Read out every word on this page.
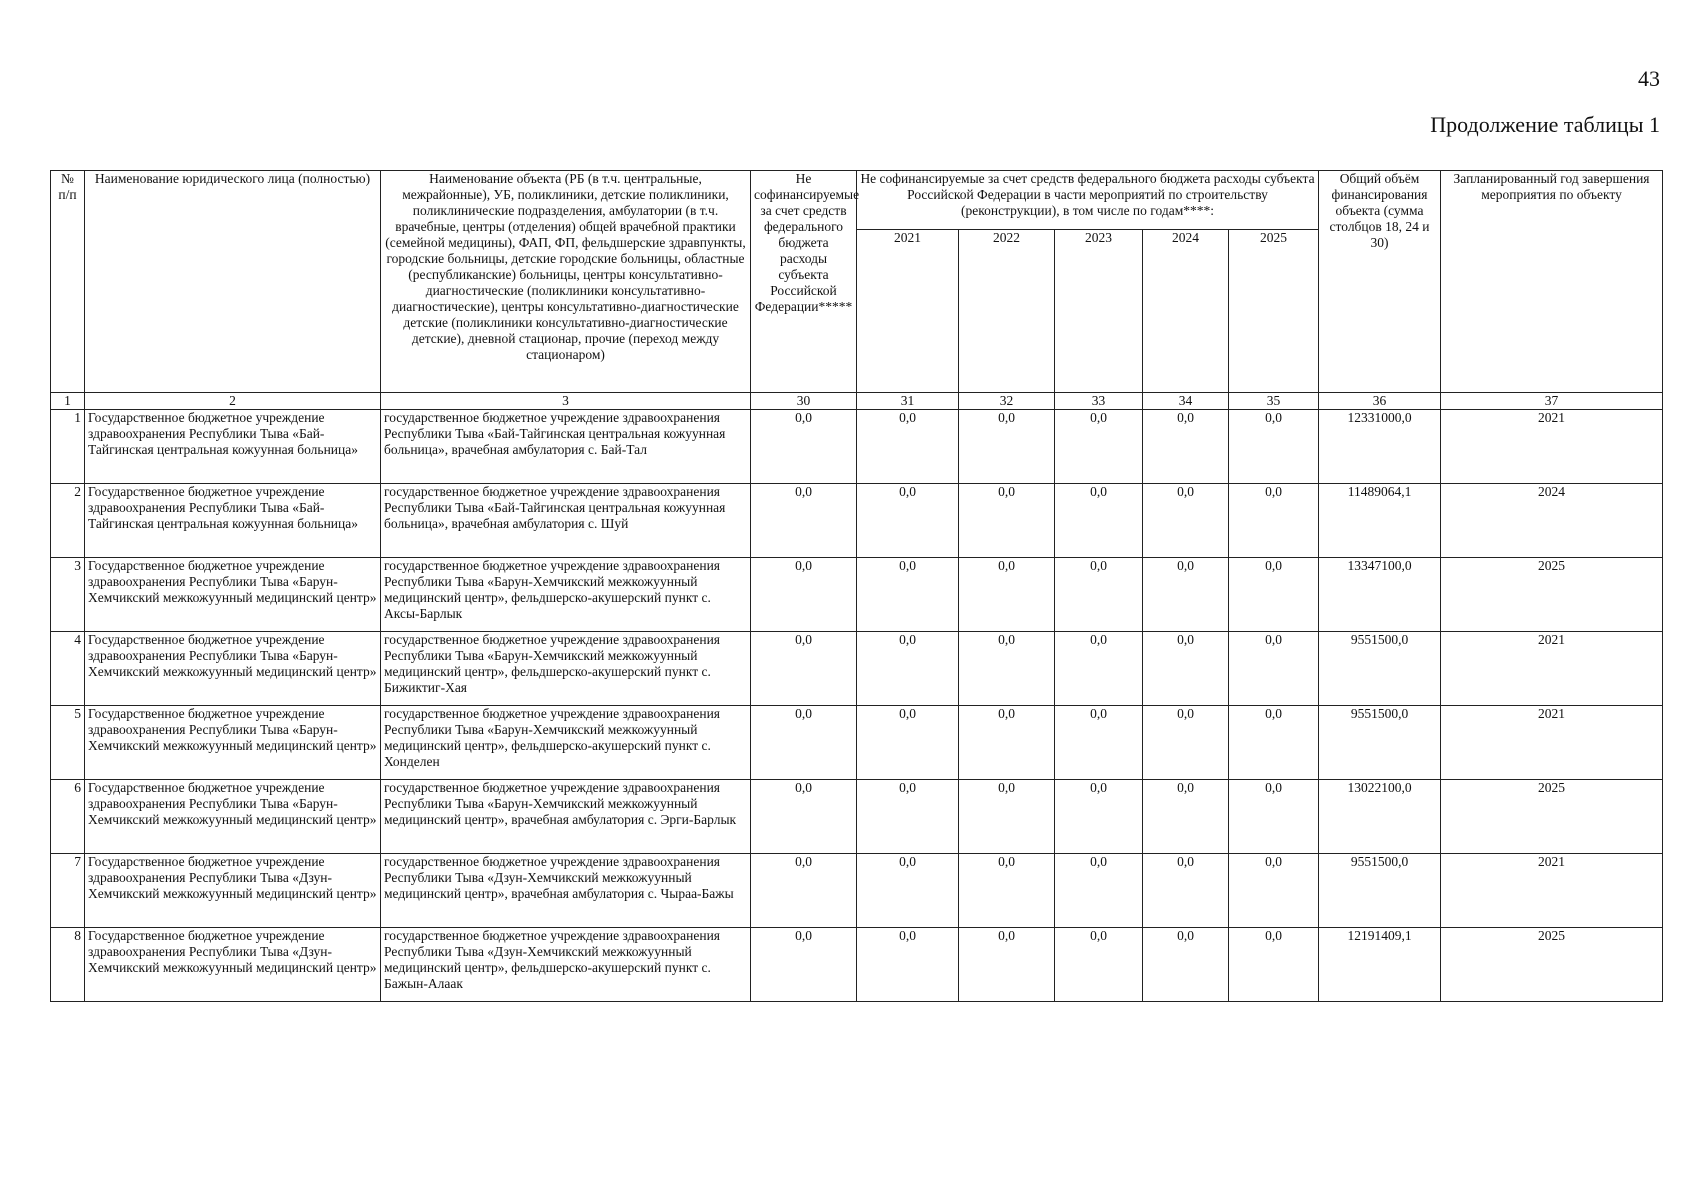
43
Продолжение таблицы 1
№ п/п	Наименование юридического лица (полностью)	Наименование объекта (РБ (в т.ч. центральные, межрайонные), УБ, поликлиники, детские поликлиники, поликлинические подразделения, амбулатории (в т.ч. врачебные, центры (отделения) общей врачебной практики (семейной медицины), ФАП, ФП, фельдшерские здравпункты, городские больницы, детские городские больницы, областные (республиканские) больницы, центры консультативно-диагностические (поликлиники консультативно-диагностические), центры консультативно-диагностические детские (поликлиники консультативно-диагностические детские), дневной стационар, прочие (переход между стационаром)	Не софинансируемые за счет средств федерального бюджета расходы субъекта Российской Федерации*****	Не софинансируемые за счет средств федерального бюджета расходы субъекта Российской Федерации в части мероприятий по строительству (реконструкции), в том числе по годам****:					Общий объём финансирования объекта (сумма столбцов 18, 24 и 30)	Запланированный год завершения мероприятия по объекту
				2021	2022	2023	2024	2025		
1	2	3	30	31	32	33	34	35	36	37
1	Государственное бюджетное учреждение здравоохранения Республики Тыва «Бай-Тайгинская центральная кожуунная больница»	государственное бюджетное учреждение здравоохранения Республики Тыва «Бай-Тайгинская центральная кожуунная больница», врачебная амбулатория с. Бай-Тал	0,0	0,0	0,0	0,0	0,0	0,0	12331000,0	2021
2	Государственное бюджетное учреждение здравоохранения Республики Тыва «Бай-Тайгинская центральная кожуунная больница»	государственное бюджетное учреждение здравоохранения Республики Тыва «Бай-Тайгинская центральная кожуунная больница», врачебная амбулатория с. Шуй	0,0	0,0	0,0	0,0	0,0	0,0	11489064,1	2024
3	Государственное бюджетное учреждение здравоохранения Республики Тыва «Барун-Хемчикский межкожуунный медицинский центр»	государственное бюджетное учреждение здравоохранения Республики Тыва «Барун-Хемчикский межкожуунный медицинский центр», фельдшерско-акушерский пункт с. Аксы-Барлык	0,0	0,0	0,0	0,0	0,0	0,0	13347100,0	2025
4	Государственное бюджетное учреждение здравоохранения Республики Тыва «Барун-Хемчикский межкожуунный медицинский центр»	государственное бюджетное учреждение здравоохранения Республики Тыва «Барун-Хемчикский межкожуунный медицинский центр», фельдшерско-акушерский пункт с. Бижиктиг-Хая	0,0	0,0	0,0	0,0	0,0	0,0	9551500,0	2021
5	Государственное бюджетное учреждение здравоохранения Республики Тыва «Барун-Хемчикский межкожуунный медицинский центр»	государственное бюджетное учреждение здравоохранения Республики Тыва «Барун-Хемчикский межкожуунный медицинский центр», фельдшерско-акушерский пункт с. Хонделен	0,0	0,0	0,0	0,0	0,0	0,0	9551500,0	2021
6	Государственное бюджетное учреждение здравоохранения Республики Тыва «Барун-Хемчикский межкожуунный медицинский центр»	государственное бюджетное учреждение здравоохранения Республики Тыва «Барун-Хемчикский межкожуунный медицинский центр», врачебная амбулатория с. Эрги-Барлык	0,0	0,0	0,0	0,0	0,0	0,0	13022100,0	2025
7	Государственное бюджетное учреждение здравоохранения Республики Тыва «Дзун-Хемчикский межкожуунный медицинский центр»	государственное бюджетное учреждение здравоохранения Республики Тыва «Дзун-Хемчикский межкожуунный медицинский центр», врачебная амбулатория с. Чыраа-Бажы	0,0	0,0	0,0	0,0	0,0	0,0	9551500,0	2021
8	Государственное бюджетное учреждение здравоохранения Республики Тыва «Дзун-Хемчикский межкожуунный медицинский центр»	государственное бюджетное учреждение здравоохранения Республики Тыва «Дзун-Хемчикский межкожуунный медицинский центр», фельдшерско-акушерский пункт с. Бажын-Алаак	0,0	0,0	0,0	0,0	0,0	0,0	12191409,1	2025
